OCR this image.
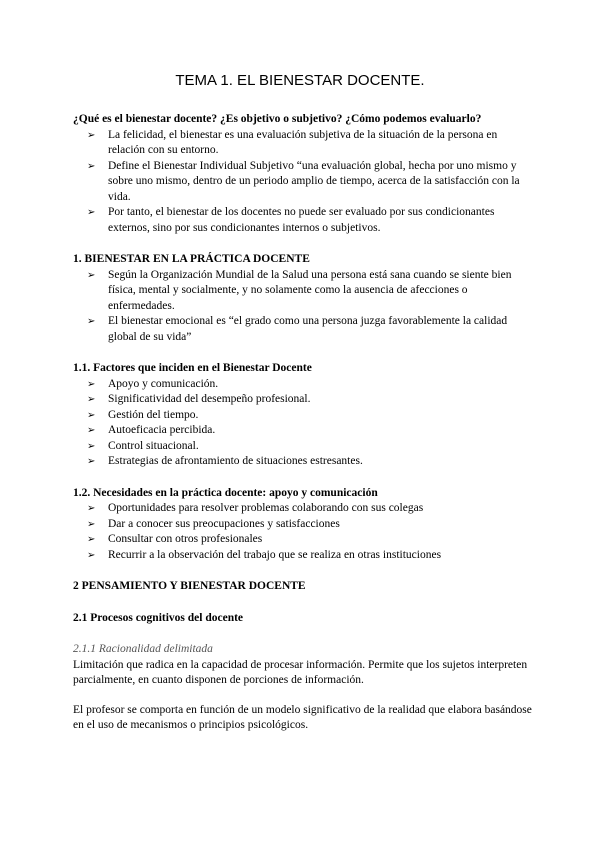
TEMA 1. EL BIENESTAR DOCENTE.

¿Qué es el bienestar docente? ¿Es objetivo o subjetivo? ¿Cómo podemos evaluarlo?

➢ La felicidad, el bienestar es una evaluación subjetiva de la situación de la persona en relación con su entorno.
➢ Define el Bienestar Individual Subjetivo “una evaluación global, hecha por uno mismo y sobre uno mismo, dentro de un periodo amplio de tiempo, acerca de la satisfacción con la vida.
➢ Por tanto, el bienestar de los docentes no puede ser evaluado por sus condicionantes externos, sino por sus condicionantes internos o subjetivos.

1. BIENESTAR EN LA PRÁCTICA DOCENTE

➢ Según la Organización Mundial de la Salud una persona está sana cuando se siente bien física, mental y socialmente, y no solamente como la ausencia de afecciones o enfermedades.
➢ El bienestar emocional es “el grado como una persona juzga favorablemente la calidad global de su vida”

1.1. Factores que inciden en el Bienestar Docente

➢ Apoyo y comunicación.
➢ Significatividad del desempeño profesional.
➢ Gestión del tiempo.
➢ Autoeficacia percibida.
➢ Control situacional.
➢ Estrategias de afrontamiento de situaciones estresantes.

1.2. Necesidades en la práctica docente: apoyo y comunicación

➢ Oportunidades para resolver problemas colaborando con sus colegas
➢ Dar a conocer sus preocupaciones y satisfacciones
➢ Consultar con otros profesionales
➢ Recurrir a la observación del trabajo que se realiza en otras instituciones

2 PENSAMIENTO Y BIENESTAR DOCENTE

2.1 Procesos cognitivos del docente

2.1.1 Racionalidad delimitada

Limitación que radica en la capacidad de procesar información. Permite que los sujetos interpreten parcialmente, en cuanto disponen de porciones de información.

El profesor se comporta en función de un modelo significativo de la realidad que elabora basándose en el uso de mecanismos o principios psicológicos.
